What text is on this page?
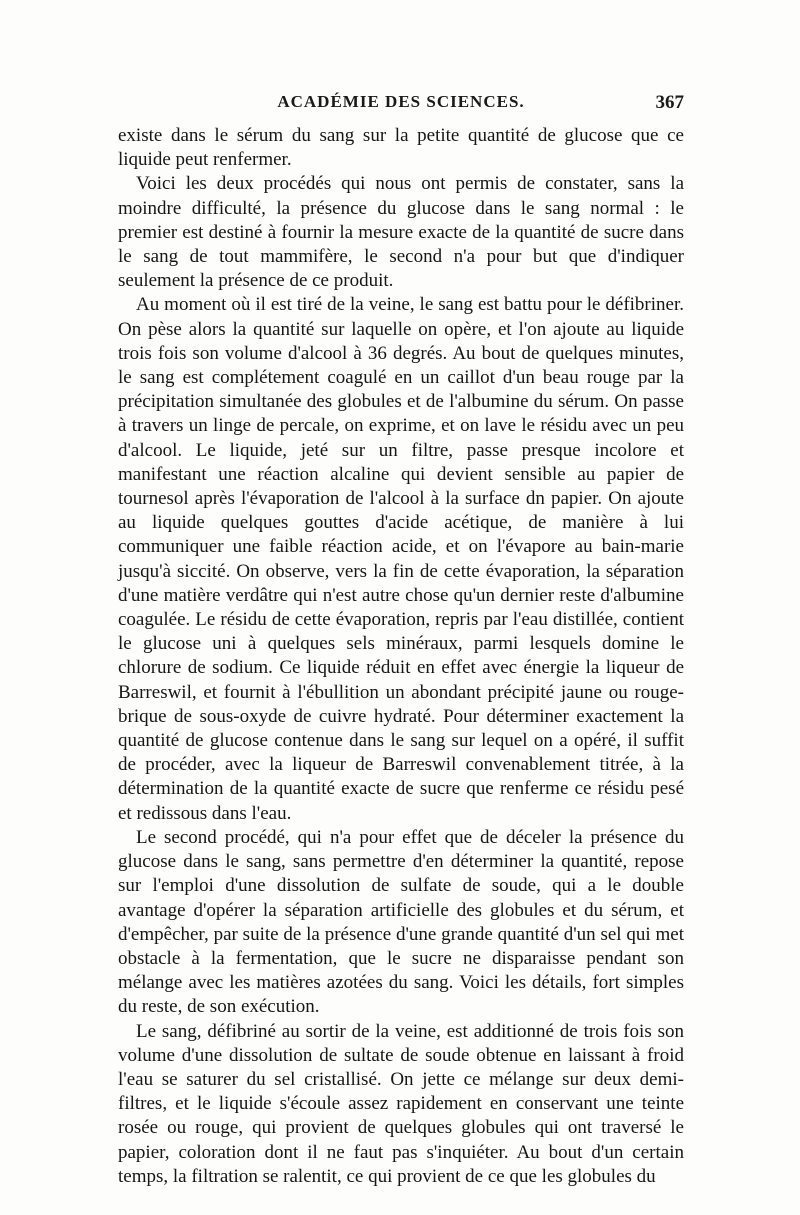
ACADÉMIE DES SCIENCES.	367

existe dans le sérum du sang sur la petite quantité de glucose que ce liquide peut renfermer.

Voici les deux procédés qui nous ont permis de constater, sans la moindre difficulté, la présence du glucose dans le sang normal : le premier est destiné à fournir la mesure exacte de la quantité de sucre dans le sang de tout mammifère, le second n'a pour but que d'indiquer seulement la présence de ce produit.

Au moment où il est tiré de la veine, le sang est battu pour le défibriner. On pèse alors la quantité sur laquelle on opère, et l'on ajoute au liquide trois fois son volume d'alcool à 36 degrés. Au bout de quelques minutes, le sang est complétement coagulé en un caillot d'un beau rouge par la précipitation simultanée des globules et de l'albumine du sérum. On passe à travers un linge de percale, on exprime, et on lave le résidu avec un peu d'alcool. Le liquide, jeté sur un filtre, passe presque incolore et manifestant une réaction alcaline qui devient sensible au papier de tournesol après l'évaporation de l'alcool à la surface dn papier. On ajoute au liquide quelques gouttes d'acide acétique, de manière à lui communiquer une faible réaction acide, et on l'évapore au bain-marie jusqu'à siccité. On observe, vers la fin de cette évaporation, la séparation d'une matière verdâtre qui n'est autre chose qu'un dernier reste d'albumine coagulée. Le résidu de cette évaporation, repris par l'eau distillée, contient le glucose uni à quelques sels minéraux, parmi lesquels domine le chlorure de sodium. Ce liquide réduit en effet avec énergie la liqueur de Barreswil, et fournit à l'ébullition un abondant précipité jaune ou rouge-brique de sous-oxyde de cuivre hydraté. Pour déterminer exactement la quantité de glucose contenue dans le sang sur lequel on a opéré, il suffit de procéder, avec la liqueur de Barreswil convenablement titrée, à la détermination de la quantité exacte de sucre que renferme ce résidu pesé et redissous dans l'eau.

Le second procédé, qui n'a pour effet que de déceler la présence du glucose dans le sang, sans permettre d'en déterminer la quantité, repose sur l'emploi d'une dissolution de sulfate de soude, qui a le double avantage d'opérer la séparation artificielle des globules et du sérum, et d'empêcher, par suite de la présence d'une grande quantité d'un sel qui met obstacle à la fermentation, que le sucre ne disparaisse pendant son mélange avec les matières azotées du sang. Voici les détails, fort simples du reste, de son exécution.

Le sang, défibriné au sortir de la veine, est additionné de trois fois son volume d'une dissolution de sultate de soude obtenue en laissant à froid l'eau se saturer du sel cristallisé. On jette ce mélange sur deux demi-filtres, et le liquide s'écoule assez rapidement en conservant une teinte rosée ou rouge, qui provient de quelques globules qui ont traversé le papier, coloration dont il ne faut pas s'inquiéter. Au bout d'un certain temps, la filtration se ralentit, ce qui provient de ce que les globules du
